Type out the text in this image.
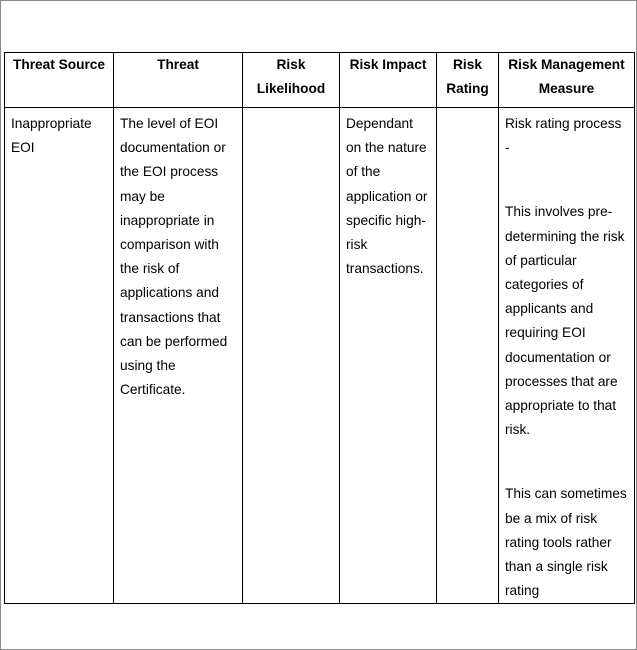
Threat Source	Threat	Risk Likelihood	Risk Impact	Risk Rating	Risk Management Measure
Inappropriate EOI	The level of EOI documentation or the EOI process may be inappropriate in comparison with the risk of applications and transactions that can be performed using the Certificate.		Dependant on the nature of the application or specific high-risk transactions.		Risk rating process -
This involves pre-determining the risk of particular categories of applicants and requiring EOI documentation or processes that are appropriate to that risk.
This can sometimes be a mix of risk rating tools rather than a single risk rating
